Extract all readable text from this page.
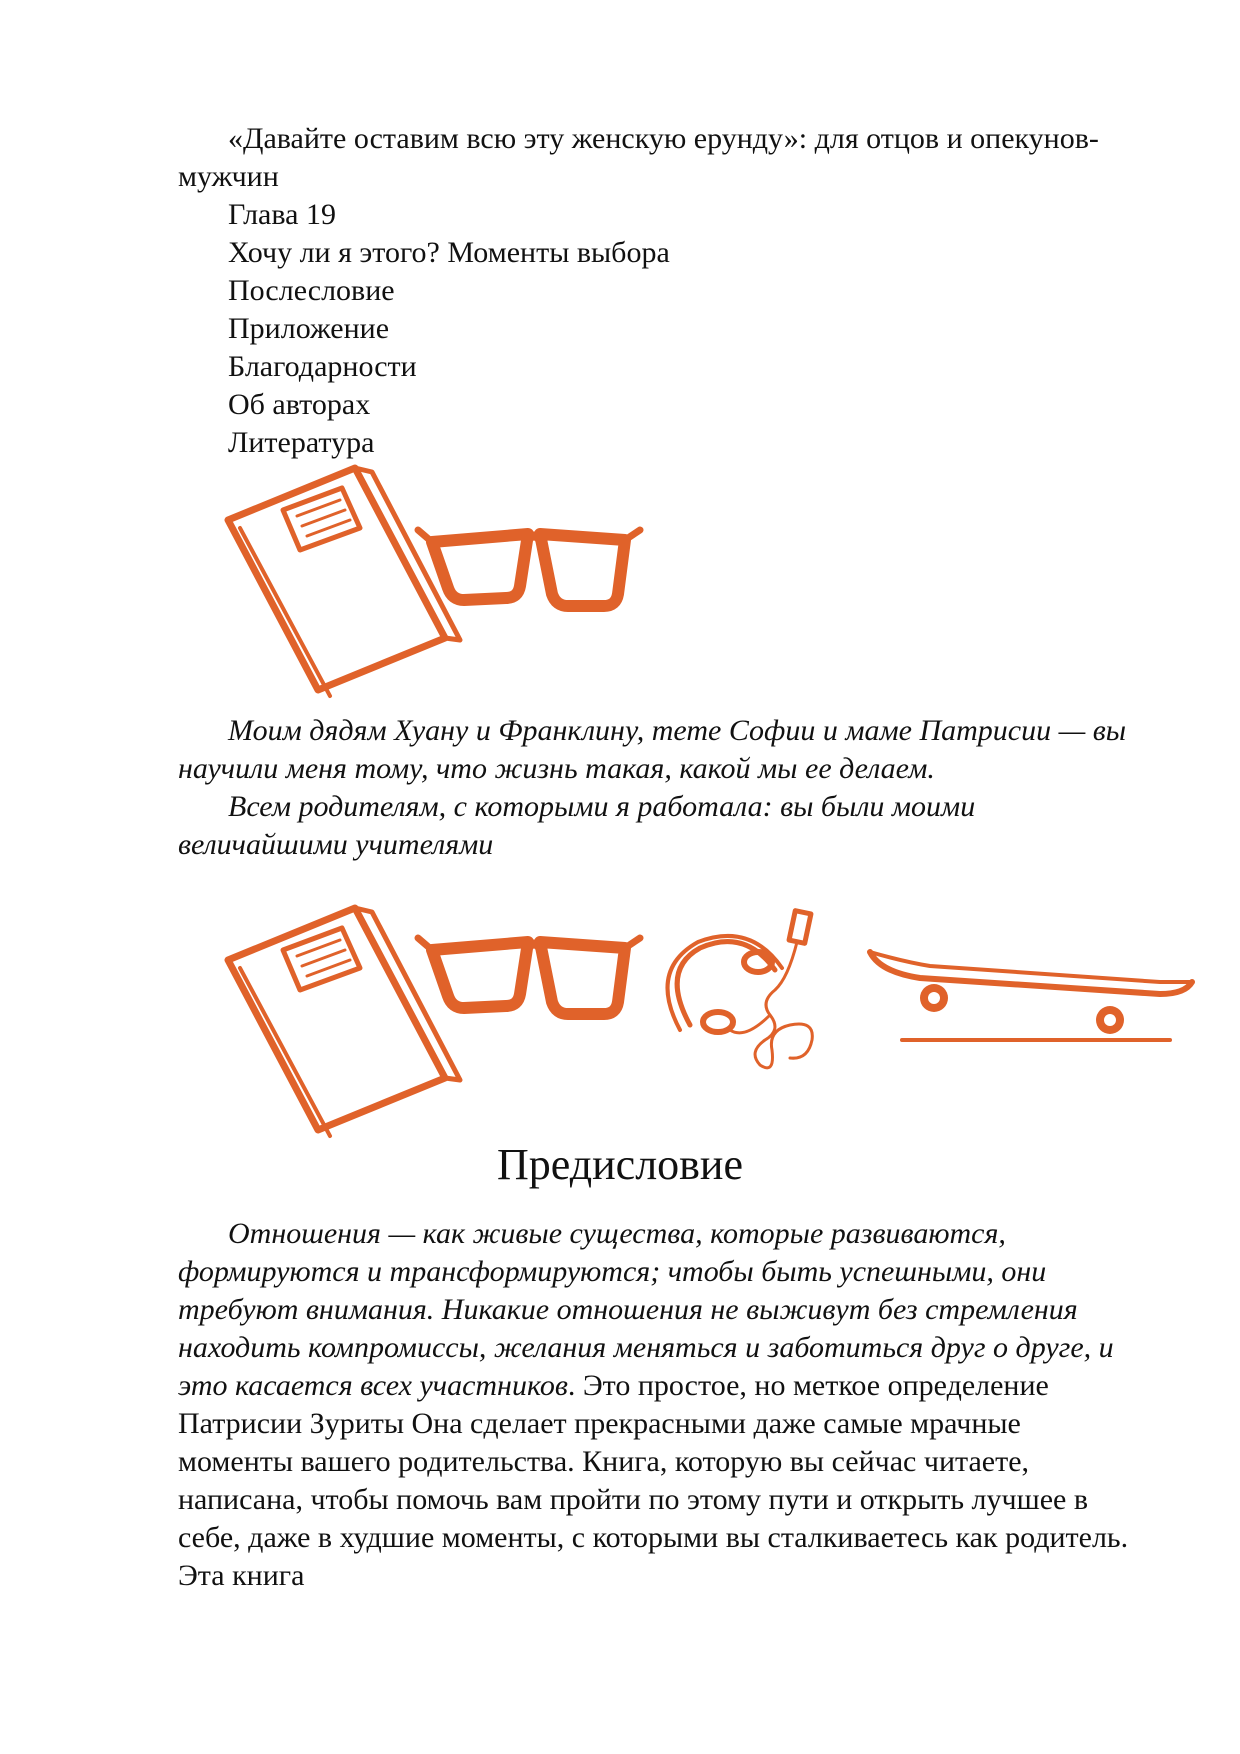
«Давайте оставим всю эту женскую ерунду»: для отцов и опекунов-мужчин

Глава 19

Хочу ли я этого? Моменты выбора

Послесловие

Приложение

Благодарности

Об авторах

Литература

Моим дядям Хуану и Франклину, тете Софии и маме Патрисии — вы научили меня тому, что жизнь такая, какой мы ее делаем.

Всем родителям, с которыми я работала: вы были моими величайшими учителями

Предисловие

Отношения — как живые существа, которые развиваются, формируются и трансформируются; чтобы быть успешными, они требуют внимания. Никакие отношения не выживут без стремления находить компромиссы, желания меняться и заботиться друг о друге, и это касается всех участников. Это простое, но меткое определение Патрисии Зуриты Она сделает прекрасными даже самые мрачные моменты вашего родительства. Книга, которую вы сейчас читаете, написана, чтобы помочь вам пройти по этому пути и открыть лучшее в себе, даже в худшие моменты, с которыми вы сталкиваетесь как родитель. Эта книга
